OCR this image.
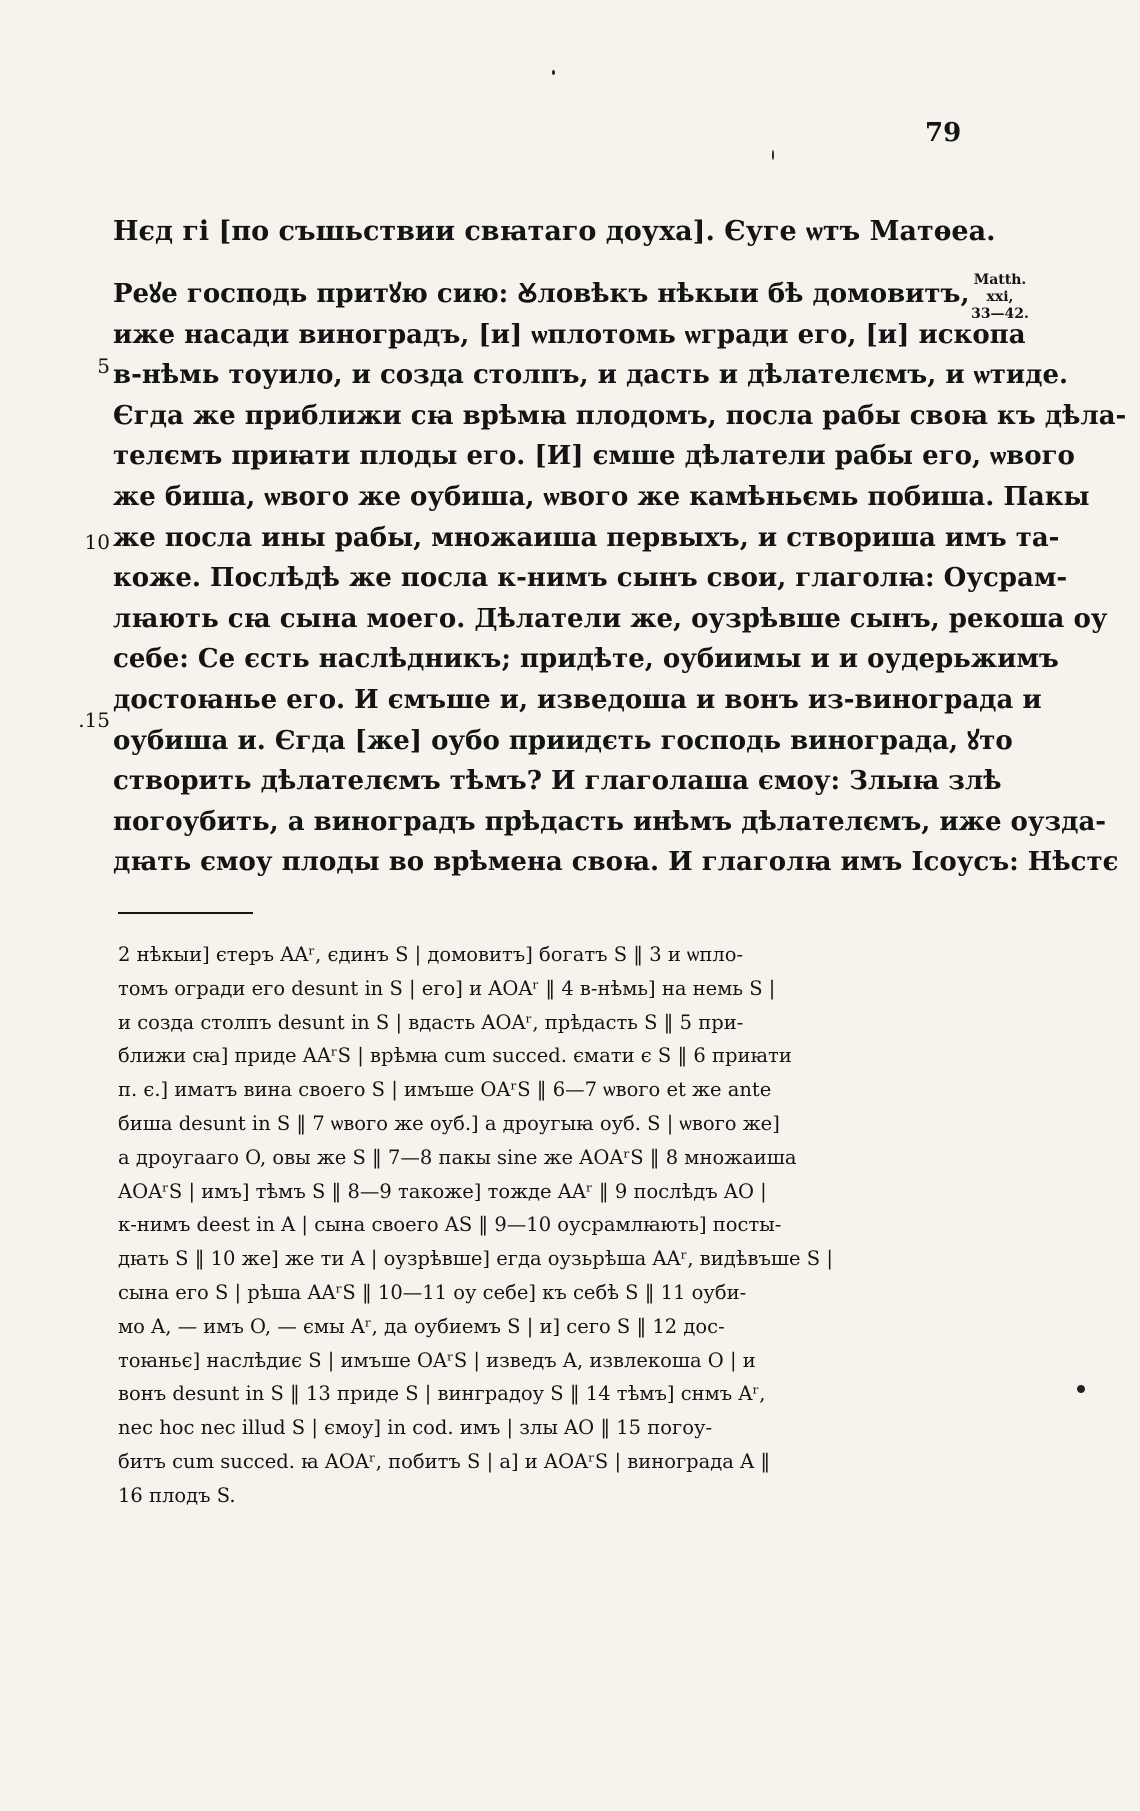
79
Нєд гі [по съшьствии свꙗтаго доуха]. Єуге ѡтъ Матѳеа.
Matth.
xxi,
33—42.
5
10
.15
Реꙋе господь притꙋю сию: Ꙋловѣкъ нѣкыи бѣ домовитъ,
иже насади виноградъ, [и] ѡплотомь ѡгради его, [и] ископа
в-нѣмь тоуило, и созда столпъ, и дасть и дѣлателємъ, и ѡтиде.
Єгда же приближи сꙗ врѣмꙗ плодомъ, посла рабы своꙗ къ дѣла-
телємъ приꙗти плоды его. [И] ємше дѣлатели рабы его, ѡвого
же биша, ѡвого же оубиша, ѡвого же камѣньємь побиша. Пакы
же посла ины рабы, множаиша первыхъ, и створиша имъ та-
коже. Послѣдѣ же посла к-нимъ сынъ свои, глаголꙗ: Оусрам-
лꙗють сꙗ сына моего. Дѣлатели же, оузрѣвше сынъ, рекоша оу
себе: Се єсть наслѣдникъ; придѣте, оубиимы и и оудерьжимъ
достоꙗнье его. И ємъше и, изведоша и вонъ из-винограда и
оубиша и. Єгда [же] оубо приидєть господь винограда, ꙋто
створить дѣлателємъ тѣмъ? И глаголаша ємоу: Злыꙗ злѣ
погоубить, а виноградъ прѣдасть инѣмъ дѣлателємъ, иже оузда-
дꙗть ємоу плоды во врѣмена своꙗ. И глаголꙗ имъ Ісоусъ: Нѣстє
2 нѣкыи] єтеръ AAʳ, єдинъ S | домовитъ] богатъ S ‖ 3 и ѡпло-
томъ огради его desunt in S | его] и AOAʳ ‖ 4 в-нѣмь] на немь S |
и созда столпъ desunt in S | вдасть AOAʳ, прѣдасть S ‖ 5 при-
ближи сꙗ] приде AAʳS | врѣмꙗ cum succed. ємати є S ‖ 6 приꙗти
п. є.] иматъ вина своего S | имъше OAʳS ‖ 6—7 ѡвого et же ante
биша desunt in S ‖ 7 ѡвого же оуб.] а дроугыꙗ оуб. S | ѡвого же]
а дроугааго O, овы же S ‖ 7—8 пакы sine же AOAʳS ‖ 8 множаиша
AOAʳS | имъ] тѣмъ S ‖ 8—9 такоже] тожде AAʳ ‖ 9 послѣдъ AO |
к-нимъ deest in A | сына своего AS ‖ 9—10 оусрамлꙗють] посты-
дꙗть S ‖ 10 же] же ти A | оузрѣвше] егда оузьрѣша AAʳ, видѣвъше S |
сына его S | рѣша AAʳS ‖ 10—11 оу себе] къ себѣ S ‖ 11 оуби-
мо A, — имъ O, — ємы Aʳ, да оубиемъ S | и] сего S ‖ 12 дос-
тоꙗньє] наслѣдиє S | имъше OAʳS | изведъ A, извлекоша O | и
вонъ desunt in S ‖ 13 приде S | винградоу S ‖ 14 тѣмъ] снмъ Aʳ,
nec hoc nec illud S | ємоу] in cod. имъ | злы AO ‖ 15 погоу-
битъ cum succed. ꙗ AOAʳ, побитъ S | а] и AOAʳS | винограда A ‖
16 плодъ S.
